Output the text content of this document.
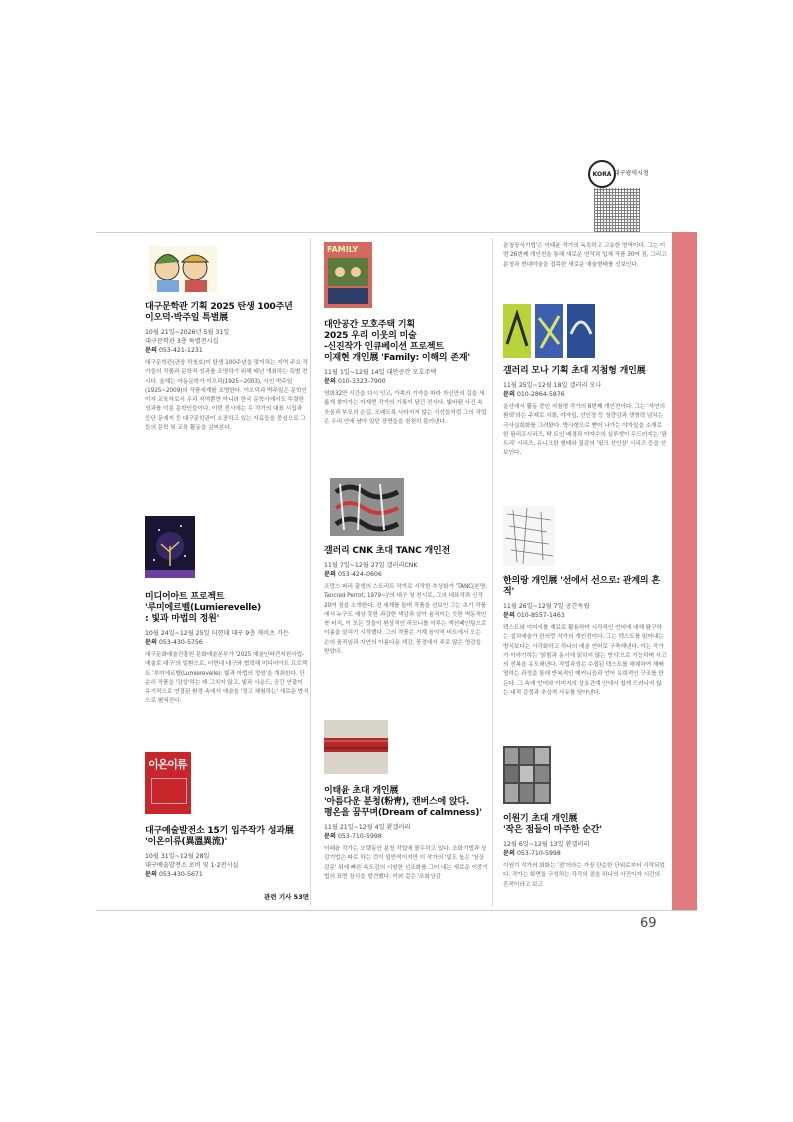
KORA 대구광역시청
대구문학관 기획 2025 탄생 100주년
이오덕·박주일 특별展
10월 21일~2026년 5월 31일
대구문학관 3층 특별전시실
문의 053-421-1231
대구문학관(관장 하청호)이 탄생 100주년을 맞이하는 지역 주요 작가들의 작품과 문학적 성과를 조명하기 위해 매년 개최하는 특별 전시다. 올해는 아동문학가 이오덕(1925~2003), 시인 박주일(1925~2009)의 작품세계를 조명한다. 이오덕과 박주일은 문학인이자 교육자로서 우리 지역뿐만 아니라 한국 문학사에서도 뚜렷한 성과를 이룬 문학인들이다. 이번 전시에는 두 작가의 대표 시집과 등단 문예지 등 대구문학관이 소장하고 있는 자료들을 중심으로 그들의 문학 및 교육 활동을 살펴본다.
미디어아트 프로젝트
'루미에르벨(Lumierevelle)
: 빛과 마법의 정원'
10월 24일~12월 25일 더현대 대구 9층 게이츠 가든
문의 053-430-5756
대구문화예술진흥원 문화예술본부가 '2025 예술인파견지원사업-예술로 대구'의 일환으로, 더현대 대구와 협력해 미디어아트 프로젝트 '루미에르벨(Lumierevelle): 빛과 마법의 정원'을 개최한다. 단순히 작품을 '감상'하는 데 그치지 않고, 빛과 사운드, 공간 연출이 유기적으로 연결된 환경 속에서 예술을 '경고 체험하는' 새로운 방식으로 펼쳐진다.
이온이류
대구예술발전소 15기 입주작가 성과展
'이온이류(異溫異流)'
10월 31일~12월 28일
대구예술발전소 로비 및 1·2전시실
문의 053-430-5671
관련 기사 53면
FAMILY
대안공간 모호주택 기획
2025 우리 이웃의 미술
-신진작가 인큐베이션 프로젝트
이재현 개인展 'Family: 이해의 존재'
11월 1일~12월 14일 대안공간 모호주택
문의 010-3323-7900
영화32만 시간을 다시 잇고, 가족의 기억을 따라 자신만의 길을 새롭게 찾아가는 이재현 작가의 기록이 담긴 전시다. 빛바랜 사진 속 웃음과 부모의 손길, 오래도록 사라지지 않는 시선들처럼 그의 작업은 우리 안에 남아 있던 장면들을 천천히 불러낸다.
갤러리 CNK 초대 TANC 개인전
11월 7일~12월 27일 갤러리CNK
문의 053-424-0606
프랑스 파리 출생의 스트리트 작가로 시작한 추상화가 'TANC(본명: Tancred Perrot, 1979~)'의 대구 첫 전시로, 그의 대표작과 신작 20여 점을 소개한다. 전 세계를 돌며 작품을 선보인 그는 초기 작품에서 누구도 예상 못한 과감한 색감과 살아 움직이는 듯한 역동적인 붓 터치, 이 모든 것들이 환상적인 하모니를 이루는 액션페인팅으로 이름을 알리기 시작했다. 그의 작품은 기계 음악적 비트에서 오는 손의 움직임과 자연의 아름다운 색감, 풍경에서 주로 많은 영감을 받았다.
이태윤 초대 개인展
'아름다운 분청(粉靑), 캔버스에 앉다.
평온을 꿈꾸며(Dream of calmness)'
11월 21일~12월 4일 환갤러리
문의 053-710-5998
이태윤 작가는 오랫동안 분청 작업에 몰두하고 있다. 조화기법과 상감기법은 따로 하는 것이 일반적이지만 이 작가의 '밑도 높은 '청상감문' 위에 빠른 속도감의 시원한 선조화를 그어 내는 새로운 이중기법의 표면 장식을 발견했다. 이와 같은 '조화상감
분청장식기법'은 이태윤 작가의 독특하고 고유한 영역이다. 그는 이번 26번째 개인전을 통해 새로운 연작과 입체 작품 30여 점, 그리고 분청과 현대미술을 접목한 새로운 예술형태를 선보인다.
갤러리 모나 기획 초대 지첨형 개인展
11월 25일~12월 18일 갤러리 모나
문의 010-2864-5876
울산에서 활동 중인 지첨형 작가의 6번째 개인전이다. 그는 '자연의 환희'라는 주제로 식물, 야자잎, 선인장 등 청량감과 생명력 넘치는 극사실회화를 그려왔다. 방사형으로 뻗어 나가는 야자잎을 소재로 한 팜리프시리즈, 탁 트인 배경과 야자수의 실루엣이 두드러지는 '팜트리' 시리즈, 유니크한 형태와 질감의 '핑크 선인장' 시리즈 등을 선보인다.
한의랑 개인展 '선에서 선으로: 관계의 흔적'
11월 26일~12월 7일 공간독립
문의 010-8557-1463
텍스트와 이미지를 재료로 활용하여 시각적인 언어에 대해 탐구하는 설치예술가 한의랑 작가의 개인전이다. 그는 텍스트를 읽어내는 방식보다는 시각화하고 하나의 예술 언어로 구축해낸다. 이는 작가가 이야기하는 '읽힘과 동시에 읽히지 않는 방식'으로 기능하며 사고의 전복을 유도해낸다. 작업과정은 수집된 텍스트를 해체하여 재배열하는 과정을 통해 반복적인 메커니즘과 언어 유희적인 구조를 만든다. 그 속에 언어와 이미지의 상호관계 안에서 쉽게 드러나지 않는 내적 감정과 추상적 사유를 담아낸다.
이원기 초대 개인展
'작은 점들이 마주한 순간'
12월 6일~12월 13일 환갤러리
문의 053-710-5998
이원기 작가의 회화는 '점'이라는 가장 단순한 단위로부터 시작되었다. 작가는 화면을 구성하는 각각의 점을 하나의 사건이자 시간의 흔적이라고 보고
69
